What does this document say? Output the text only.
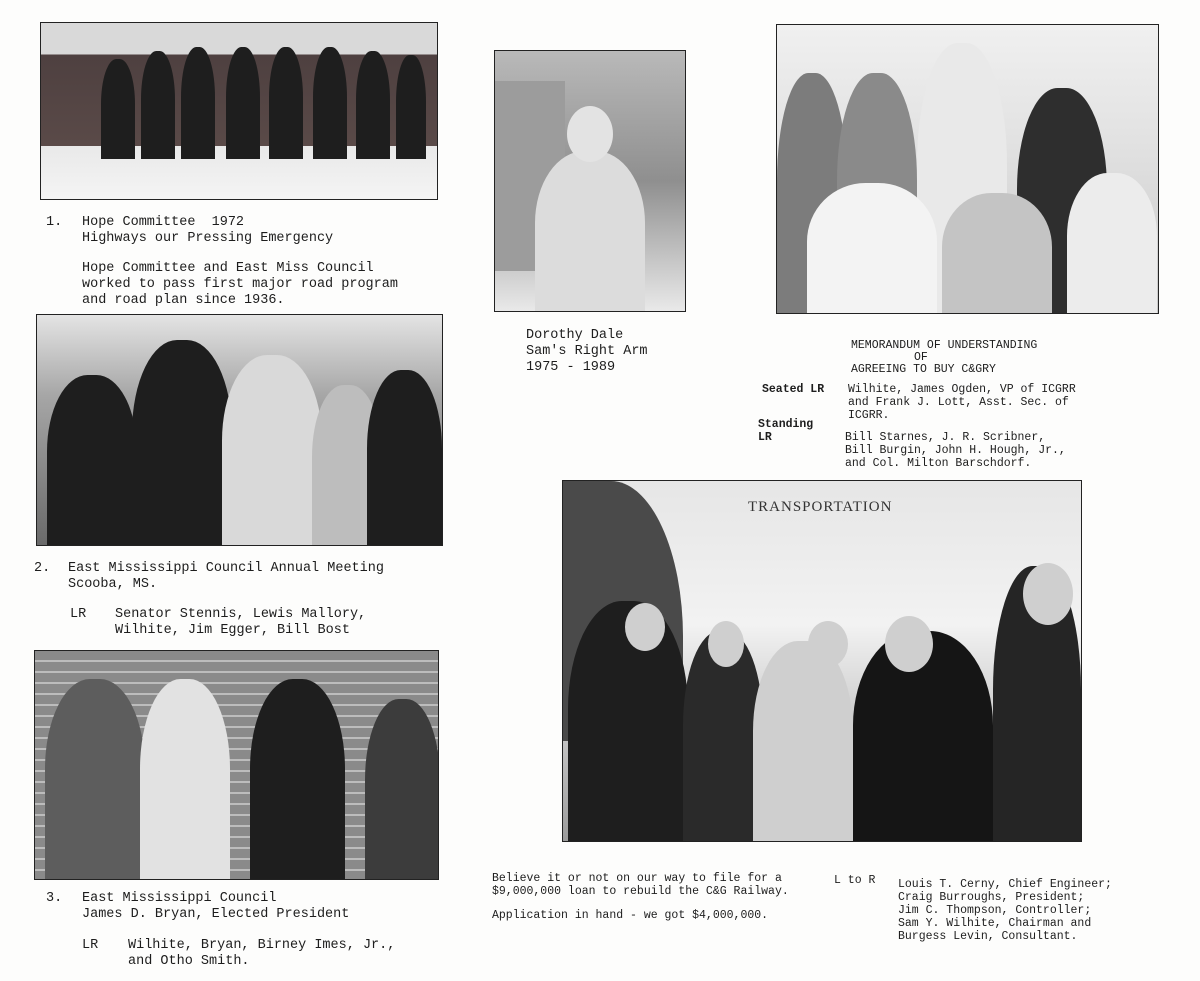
1. Hope Committee  1972
Highways our Pressing Emergency
Hope Committee and East Miss Council
worked to pass first major road program
and road plan since 1936.
2. East Mississippi Council Annual Meeting
Scooba, MS.
LR Senator Stennis, Lewis Mallory,
Wilhite, Jim Egger, Bill Bost
3. East Mississippi Council
James D. Bryan, Elected President
LR Wilhite, Bryan, Birney Imes, Jr.,
and Otho Smith.
Dorothy Dale
Sam's Right Arm
1975 - 1989
MEMORANDUM OF UNDERSTANDING
OF
AGREEING TO BUY C&GRY
Seated LR Wilhite, James Ogden, VP of ICGRR
and Frank J. Lott, Asst. Sec. of
ICGRR.
Standing
LR	Bill Starnes, J. R. Scribner,
Bill Burgin, John H. Hough, Jr.,
and Col. Milton Barschdorf.
TRANSPORTATION
Believe it or not on our way to file for a
$9,000,000 loan to rebuild the C&G Railway.
Application in hand - we got $4,000,000.
L to R Louis T. Cerny, Chief Engineer;
Craig Burroughs, President;
Jim C. Thompson, Controller;
Sam Y. Wilhite, Chairman and
Burgess Levin, Consultant.
